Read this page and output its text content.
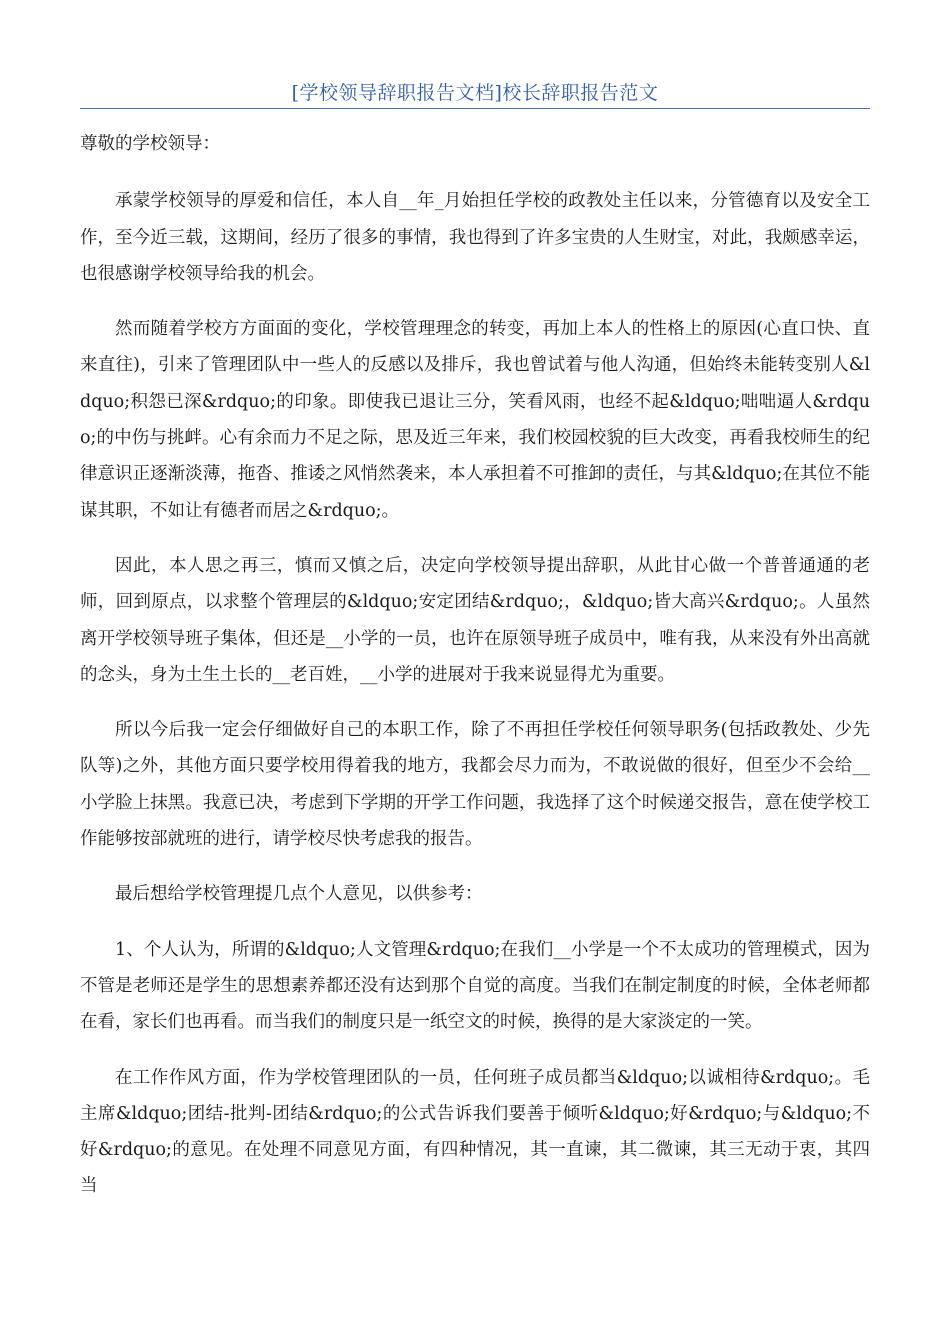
[学校领导辞职报告文档]校长辞职报告范文

尊敬的学校领导：

承蒙学校领导的厚爱和信任，本人自__年_月始担任学校的政教处主任以来，分管德育以及安全工作，至今近三载，这期间，经历了很多的事情，我也得到了许多宝贵的人生财宝，对此，我颇感幸运，也很感谢学校领导给我的机会。

然而随着学校方方面面的变化，学校管理理念的转变，再加上本人的性格上的原因(心直口快、直来直往)，引来了管理团队中一些人的反感以及排斥，我也曾试着与他人沟通，但始终未能转变别人&ldquo;积怨已深&rdquo;的印象。即使我已退让三分，笑看风雨，也经不起&ldquo;咄咄逼人&rdquo;的中伤与挑衅。心有余而力不足之际，思及近三年来，我们校园校貌的巨大改变，再看我校师生的纪律意识正逐渐淡薄，拖沓、推诿之风悄然袭来，本人承担着不可推卸的责任，与其&ldquo;在其位不能谋其职，不如让有德者而居之&rdquo;。

因此，本人思之再三，慎而又慎之后，决定向学校领导提出辞职，从此甘心做一个普普通通的老师，回到原点，以求整个管理层的&ldquo;安定团结&rdquo;，&ldquo;皆大高兴&rdquo;。人虽然离开学校领导班子集体，但还是__小学的一员，也许在原领导班子成员中，唯有我，从来没有外出高就的念头，身为土生土长的__老百姓，__小学的进展对于我来说显得尤为重要。

所以今后我一定会仔细做好自己的本职工作，除了不再担任学校任何领导职务(包括政教处、少先队等)之外，其他方面只要学校用得着我的地方，我都会尽力而为，不敢说做的很好，但至少不会给__小学脸上抹黑。我意已决，考虑到下学期的开学工作问题，我选择了这个时候递交报告，意在使学校工作能够按部就班的进行，请学校尽快考虑我的报告。

最后想给学校管理提几点个人意见，以供参考：

1、个人认为，所谓的&ldquo;人文管理&rdquo;在我们__小学是一个不太成功的管理模式，因为不管是老师还是学生的思想素养都还没有达到那个自觉的高度。当我们在制定制度的时候，全体老师都在看，家长们也再看。而当我们的制度只是一纸空文的时候，换得的是大家淡定的一笑。

在工作作风方面，作为学校管理团队的一员，任何班子成员都当&ldquo;以诚相待&rdquo;。毛主席&ldquo;团结-批判-团结&rdquo;的公式告诉我们要善于倾听&ldquo;好&rdquo;与&ldquo;不好&rdquo;的意见。在处理不同意见方面，有四种情况，其一直谏，其二微谏，其三无动于衷，其四当
